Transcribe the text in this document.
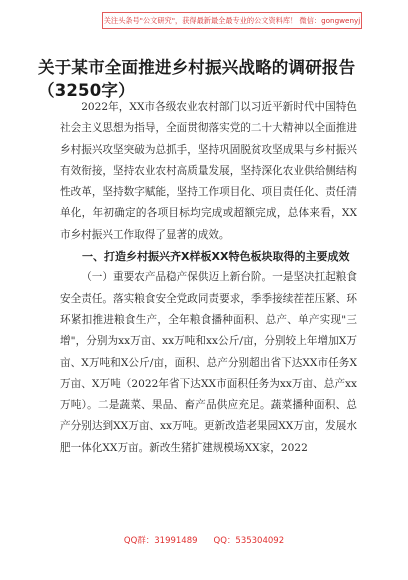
关注头条号"公文研究"，获得最新最全最专业的公文资料库！ 微信：gongwenyj
关于某市全面推进乡村振兴战略的调研报告（3250字）

2022年，XX市各级农业农村部门以习近平新时代中国特色社会主义思想为指导，全面贯彻落实党的二十大精神以全面推进乡村振兴攻坚突破为总抓手，坚持巩固脱贫攻坚成果与乡村振兴有效衔接，坚持农业农村高质量发展，坚持深化农业供给侧结构性改革，坚持数字赋能，坚持工作项目化、项目责任化、责任清单化，年初确定的各项目标均完成或超额完成，总体来看，XX市乡村振兴工作取得了显著的成效。

一、打造乡村振兴齐X样板XX特色板块取得的主要成效

（一）重要农产品稳产保供迈上新台阶。一是坚决扛起粮食安全责任。落实粮食安全党政同责要求，季季接续茬茬压紧、环环紧扣推进粮食生产，全年粮食播种面积、总产、单产实现"三增"，分别为xx万亩、xx万吨和xx公斤/亩，分别较上年增加X万亩、X万吨和X公斤/亩，面积、总产分别超出省下达XX市任务X万亩、X万吨（2022年省下达XX市面积任务为xx万亩、总产xx万吨）。二是蔬菜、果品、畜产品供应充足。蔬菜播种面积、总产分别达到XX万亩、xx万吨。更新改造老果园XX万亩，发展水肥一体化XX万亩。新改生猪扩建规模场XX家，2022

QQ群：31991489 QQ：535304092
